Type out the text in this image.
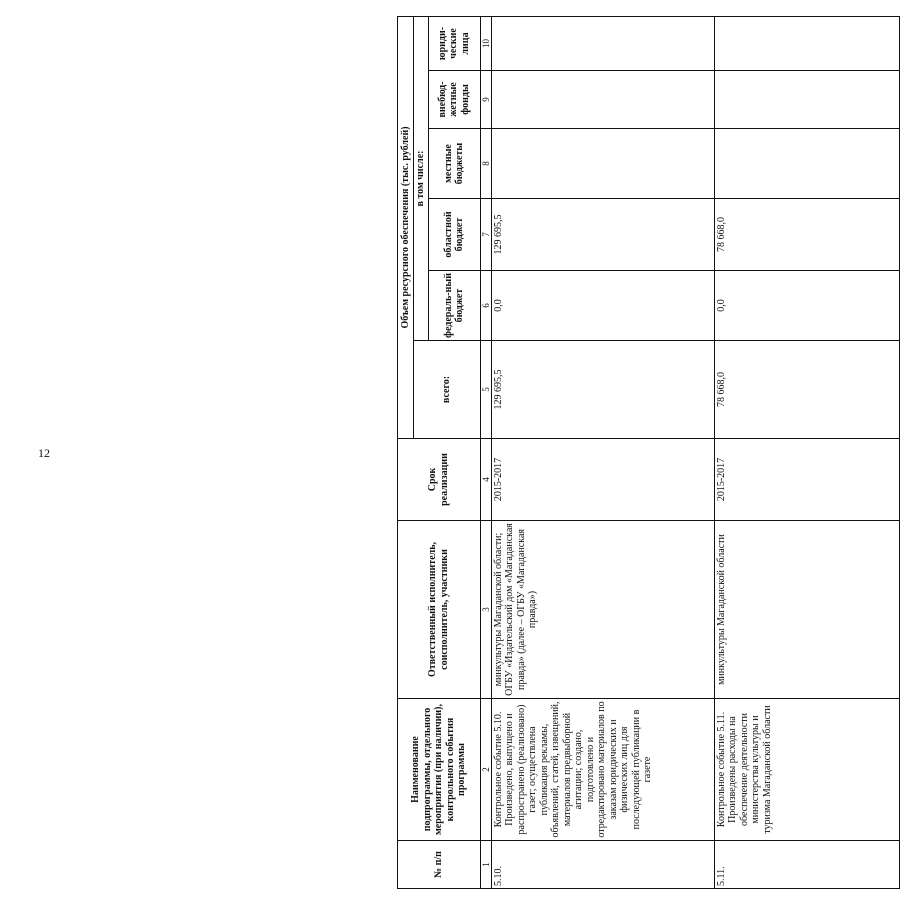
12
№ п/п	Наименование подпрограммы, отдельного мероприятия (при наличии), контрольного события программы	Ответственный исполнитель, соисполнитель, участники	Срок реализации	Объем ресурсного обеспечения (тыс. рублей)					
				всего:	в том числе:				
					федераль-ный бюджет	областной бюджет	местные бюджеты	внебюд-жетные фонды	юриди-ческие лица
1	2	3	4	5	6	7	8	9	10
5.10.	Контрольное событие 5.10. Произведено, выпущено и распространено (реализовано) газет; осуществлена публикация рекламы, объявлений, статей, извещений, материалов предвыборной агитации; создано, подготовлено и отредактировано материалов по заказам юридических и физических лиц для последующей публикации в газете	минкультуры Магаданской области; ОГБУ «Издательский дом «Магаданская правда» (далее – ОГБУ «Магаданская правда»)	2015-2017	129 695,5	0,0	129 695,5			
5.11.	Контрольное событие 5.11. Произведены расходы на обеспечение деятельности министерства культуры и туризма Магаданской области	минкультуры Магаданской области	2015-2017	78 668,0	0,0	78 668,0			
